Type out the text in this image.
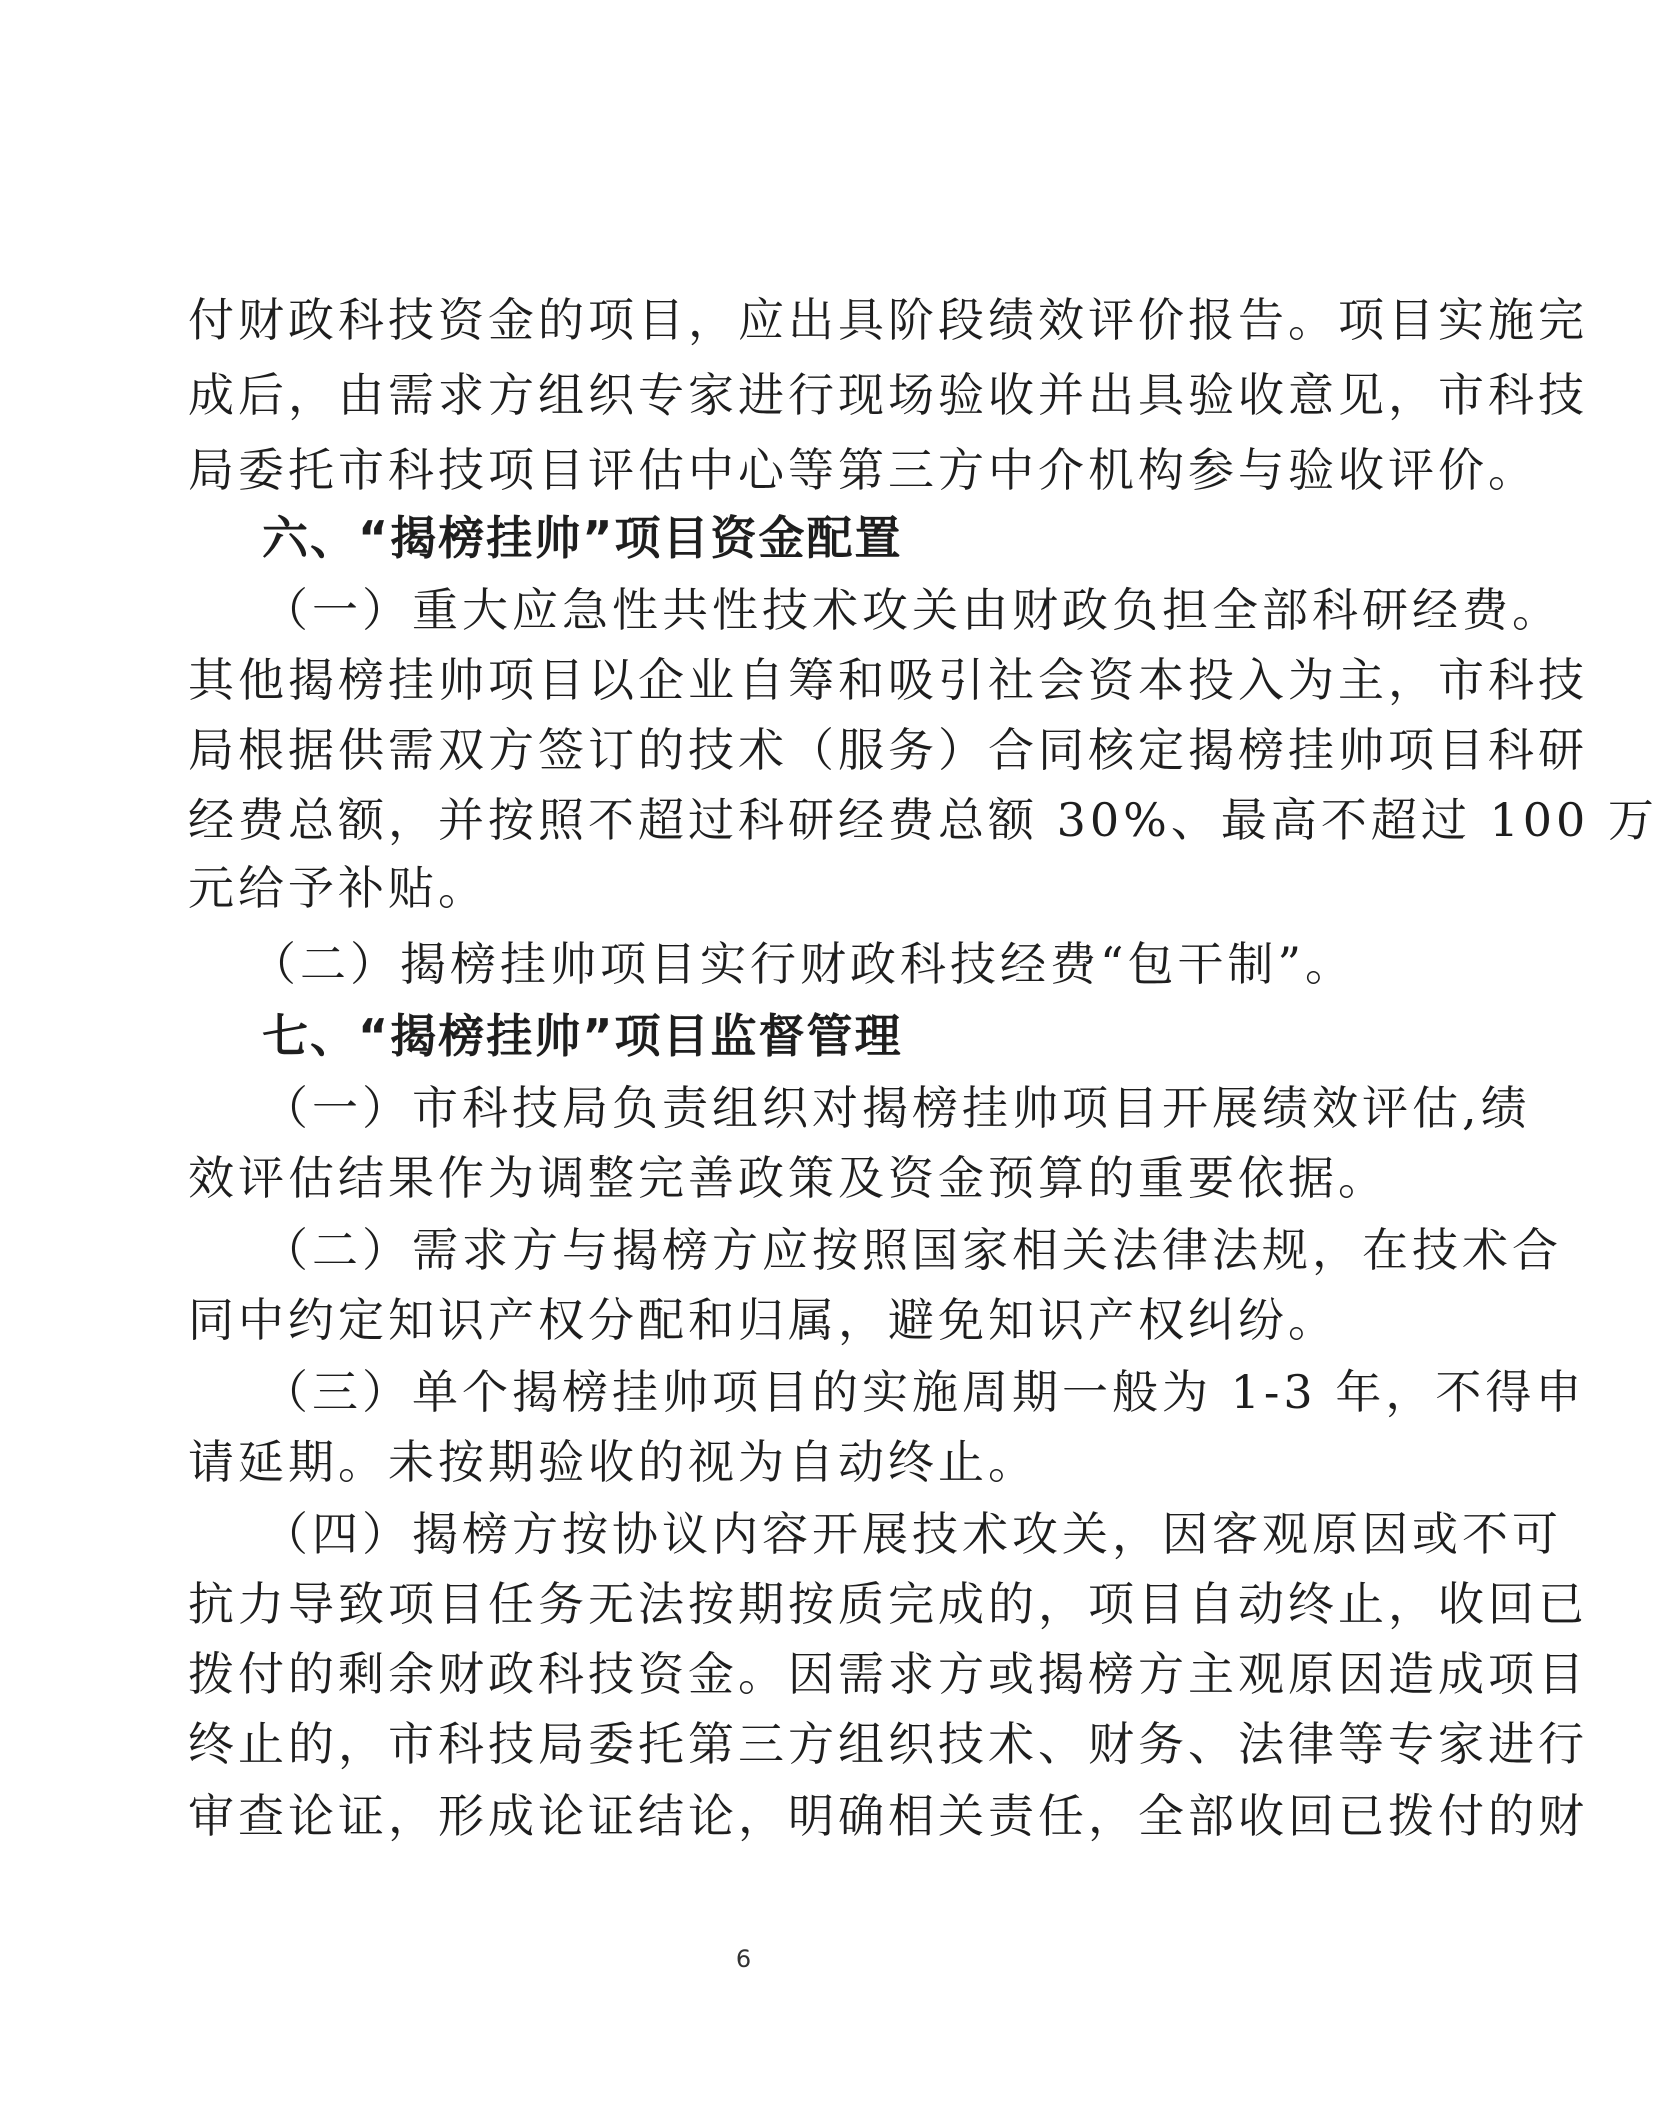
付财政科技资金的项目，应出具阶段绩效评价报告。项目实施完
成后，由需求方组织专家进行现场验收并出具验收意见，市科技
局委托市科技项目评估中心等第三方中介机构参与验收评价。
六、“揭榜挂帅”项目资金配置
（一）重大应急性共性技术攻关由财政负担全部科研经费。
其他揭榜挂帅项目以企业自筹和吸引社会资本投入为主，市科技
局根据供需双方签订的技术（服务）合同核定揭榜挂帅项目科研
经费总额，并按照不超过科研经费总额 30%、最高不超过 100 万
元给予补贴。
（二）揭榜挂帅项目实行财政科技经费“包干制”。
七、“揭榜挂帅”项目监督管理
（一）市科技局负责组织对揭榜挂帅项目开展绩效评估,绩
效评估结果作为调整完善政策及资金预算的重要依据。
（二）需求方与揭榜方应按照国家相关法律法规，在技术合
同中约定知识产权分配和归属，避免知识产权纠纷。
（三）单个揭榜挂帅项目的实施周期一般为 1-3 年，不得申
请延期。未按期验收的视为自动终止。
（四）揭榜方按协议内容开展技术攻关，因客观原因或不可
抗力导致项目任务无法按期按质完成的，项目自动终止，收回已
拨付的剩余财政科技资金。因需求方或揭榜方主观原因造成项目
终止的，市科技局委托第三方组织技术、财务、法律等专家进行
审查论证，形成论证结论，明确相关责任，全部收回已拨付的财
6
